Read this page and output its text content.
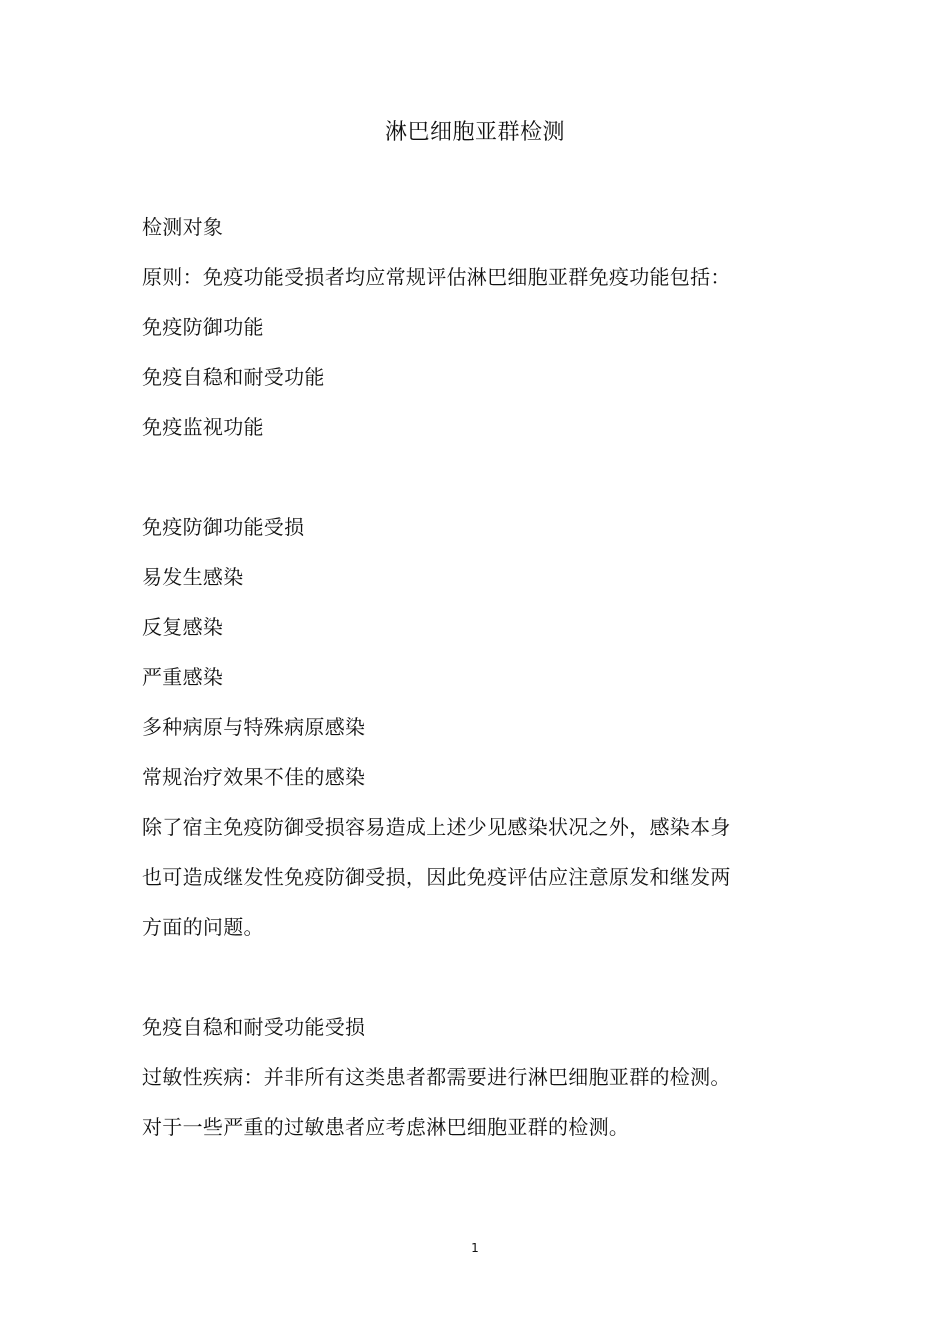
淋巴细胞亚群检测
检测对象
原则：免疫功能受损者均应常规评估淋巴细胞亚群免疫功能包括：
免疫防御功能
免疫自稳和耐受功能
免疫监视功能
免疫防御功能受损
易发生感染
反复感染
严重感染
多种病原与特殊病原感染
常规治疗效果不佳的感染
除了宿主免疫防御受损容易造成上述少见感染状况之外，感染本身
也可造成继发性免疫防御受损，因此免疫评估应注意原发和继发两
方面的问题。
免疫自稳和耐受功能受损
过敏性疾病：并非所有这类患者都需要进行淋巴细胞亚群的检测。
对于一些严重的过敏患者应考虑淋巴细胞亚群的检测。
1
